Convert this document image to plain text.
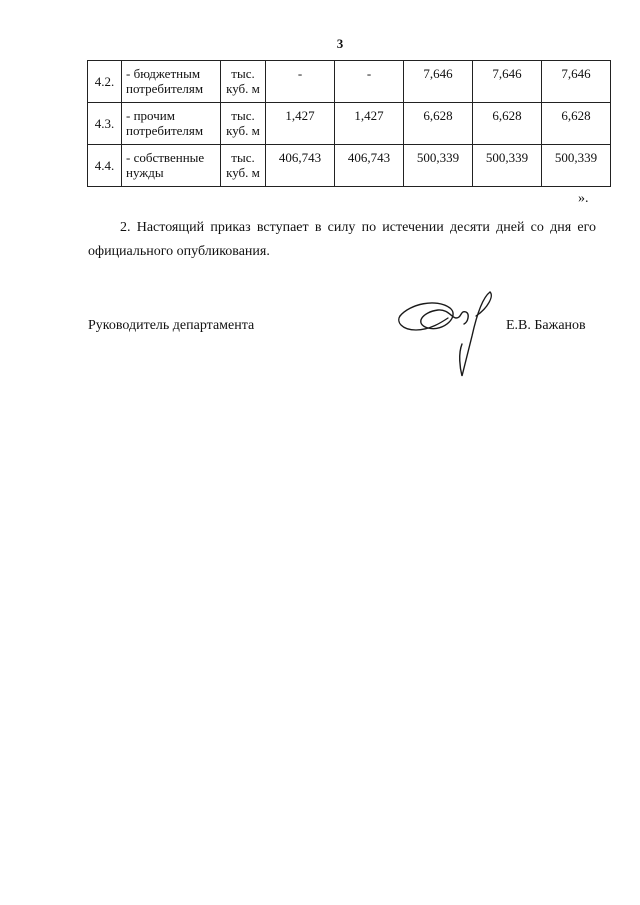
3
4.2.	- бюджетным потребителям	тыс. куб. м	-	-	7,646	7,646	7,646
4.3.	- прочим потребителям	тыс. куб. м	1,427	1,427	6,628	6,628	6,628
4.4.	- собственные нужды	тыс. куб. м	406,743	406,743	500,339	500,339	500,339
».
2. Настоящий приказ вступает в силу по истечении десяти дней со дня его официального опубликования.
Руководитель департамента	Е.В. Бажанов
